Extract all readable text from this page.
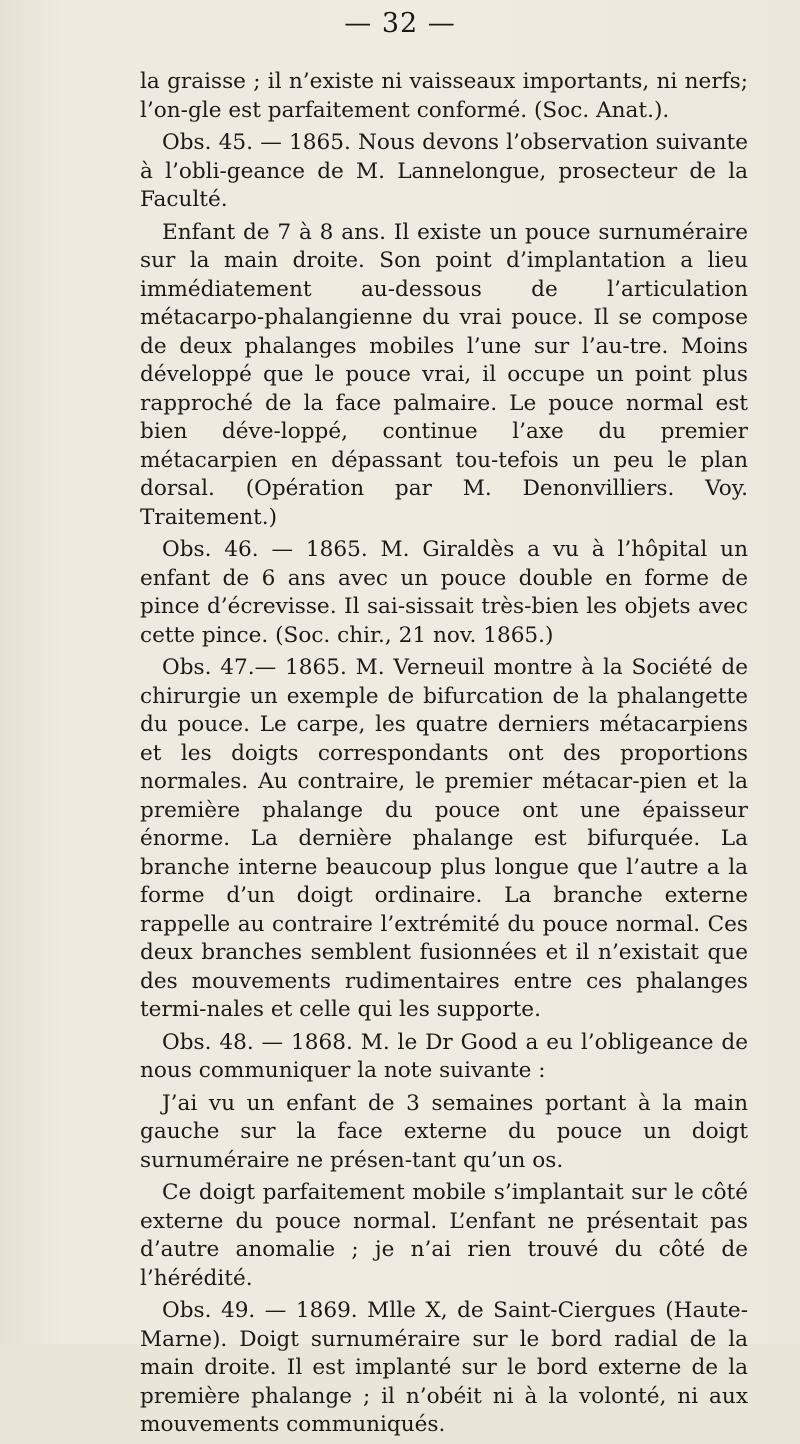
— 32 —

la graisse ; il n’existe ni vaisseaux importants, ni nerfs; l’on-gle est parfaitement conformé. (Soc. Anat.).

Obs. 45. — 1865. Nous devons l’observation suivante à l’obli-geance de M. Lannelongue, prosecteur de la Faculté.

Enfant de 7 à 8 ans. Il existe un pouce surnuméraire sur la main droite. Son point d’implantation a lieu immédiatement au-dessous de l’articulation métacarpo-phalangienne du vrai pouce. Il se compose de deux phalanges mobiles l’une sur l’au-tre. Moins développé que le pouce vrai, il occupe un point plus rapproché de la face palmaire. Le pouce normal est bien déve-loppé, continue l’axe du premier métacarpien en dépassant tou-tefois un peu le plan dorsal. (Opération par M. Denonvilliers. Voy. Traitement.)

Obs. 46. — 1865. M. Giraldès a vu à l’hôpital un enfant de 6 ans avec un pouce double en forme de pince d’écrevisse. Il sai-sissait très-bien les objets avec cette pince. (Soc. chir., 21 nov. 1865.)

Obs. 47.— 1865. M. Verneuil montre à la Société de chirurgie un exemple de bifurcation de la phalangette du pouce. Le carpe, les quatre derniers métacarpiens et les doigts correspondants ont des proportions normales. Au contraire, le premier métacar-pien et la première phalange du pouce ont une épaisseur énorme. La dernière phalange est bifurquée. La branche interne beaucoup plus longue que l’autre a la forme d’un doigt ordinaire. La branche externe rappelle au contraire l’extrémité du pouce normal. Ces deux branches semblent fusionnées et il n’existait que des mouvements rudimentaires entre ces phalanges termi-nales et celle qui les supporte.

Obs. 48. — 1868. M. le Dr Good a eu l’obligeance de nous communiquer la note suivante :

J’ai vu un enfant de 3 semaines portant à la main gauche sur la face externe du pouce un doigt surnuméraire ne présen-tant qu’un os.

Ce doigt parfaitement mobile s’implantait sur le côté externe du pouce normal. L’enfant ne présentait pas d’autre anomalie ; je n’ai rien trouvé du côté de l’hérédité.

Obs. 49. — 1869. Mlle X, de Saint-Ciergues (Haute-Marne). Doigt surnuméraire sur le bord radial de la main droite. Il est implanté sur le bord externe de la première phalange ; il n’obéit ni à la volonté, ni aux mouvements communiqués.
